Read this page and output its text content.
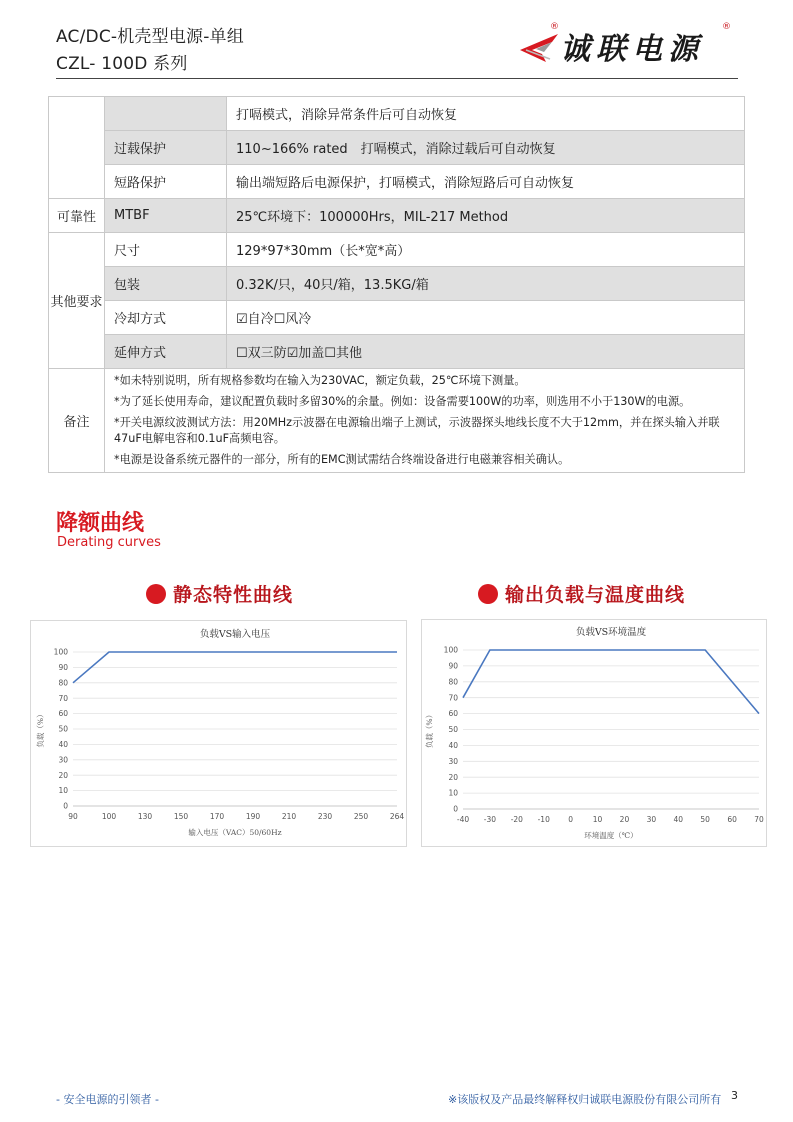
AC/DC-机壳型电源-单组
CZL- 100D 系列
®
诚联电源
®
		打嗝模式，消除异常条件后可自动恢复
	过载保护	110~166% rated　打嗝模式，消除过载后可自动恢复
	短路保护	输出端短路后电源保护，打嗝模式，消除短路后可自动恢复
可靠性	MTBF	25℃环境下：100000Hrs，MIL-217 Method
其他要求	尺寸	129*97*30mm（长*宽*高）
	包装	0.32K/只，40只/箱，13.5KG/箱
	冷却方式	☑自冷☐风冷
	延伸方式	☐双三防☑加盖☐其他
备注	*如未特别说明，所有规格参数均在输入为230VAC，额定负载，25℃环境下测量。

*为了延长使用寿命，建议配置负载时多留30%的余量。例如：设备需要100W的功率，则选用不小于130W的电源。

*开关电源纹波测试方法：用20MHz示波器在电源输出端子上测试，示波器探头地线长度不大于12mm，并在探头输入并联47uF电解电容和0.1uF高频电容。

*电源是设备系统元器件的一部分，所有的EMC测试需结合终端设备进行电磁兼容相关确认。	

降额曲线
Derating curves
静态特性曲线	输出负载与温度曲线
负载VS输入电压
0
10
20
30
40
50
60
70
80
90
100
90	100	130	150	170	190	210	230	250	264
输入电压（VAC）50/60Hz
负载（%）
负载VS环境温度
0
10
20
30
40
50
60
70
80
90
100
-40 -30 -20 -10 0	10 20 30 40 50 60 70
环境温度（℃）
负载（%）
- 安全电源的引领者 -	※该版权及产品最终解释权归诚联电源股份有限公司所有 3
